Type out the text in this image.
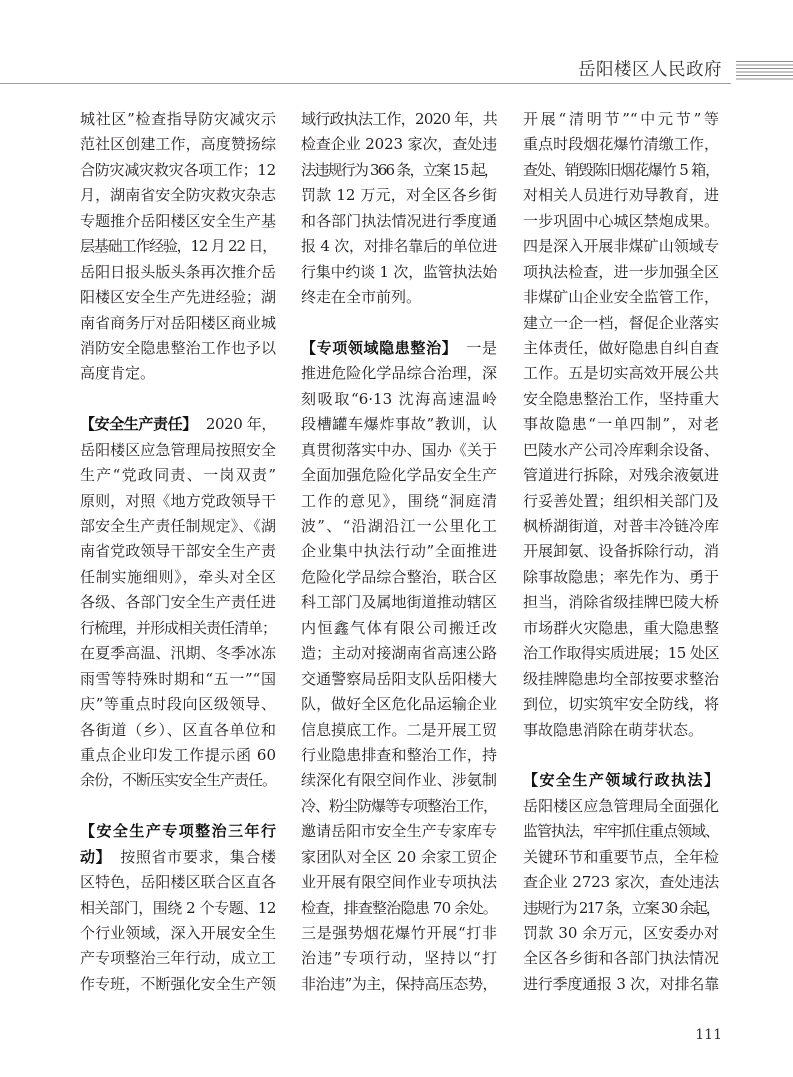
岳阳楼区人民政府
城社区”检查指导防灾减灾示
范社区创建工作，高度赞扬综
合防灾减灾救灾各项工作；12
月，湖南省安全防灾救灾杂志
专题推介岳阳楼区安全生产基
层基础工作经验，12 月 22 日，
岳阳日报头版头条再次推介岳
阳楼区安全生产先进经验；湖
南省商务厅对岳阳楼区商业城
消防安全隐患整治工作也予以
高度肯定。
【安全生产责任】 2020 年，
岳阳楼区应急管理局按照安全
生产“党政同责、一岗双责”
原则，对照《地方党政领导干
部安全生产责任制规定》、《湖
南省党政领导干部安全生产责
任制实施细则》，牵头对全区
各级、各部门安全生产责任进
行梳理，并形成相关责任清单；
在夏季高温、汛期、冬季冰冻
雨雪等特殊时期和“五一”“国
庆”等重点时段向区级领导、
各街道（乡）、区直各单位和
重点企业印发工作提示函 60
余份，不断压实安全生产责任。
【安全生产专项整治三年行
动】 按照省市要求，集合楼
区特色，岳阳楼区联合区直各
相关部门，围绕 2 个专题、12
个行业领域，深入开展安全生
产专项整治三年行动，成立工
作专班，不断强化安全生产领
域行政执法工作，2020 年，共
检查企业 2023 家次，查处违
法违规行为 366 条，立案 15 起，
罚款 12 万元，对全区各乡街
和各部门执法情况进行季度通
报 4 次，对排名靠后的单位进
行集中约谈 1 次，监管执法始
终走在全市前列。
【专项领域隐患整治】 一是
推进危险化学品综合治理，深
刻吸取“6·13 沈海高速温岭
段槽罐车爆炸事故”教训，认
真贯彻落实中办、国办《关于
全面加强危险化学品安全生产
工作的意见》，围绕“洞庭清
波”、“沿湖沿江一公里化工
企业集中执法行动”全面推进
危险化学品综合整治，联合区
科工部门及属地街道推动辖区
内恒鑫气体有限公司搬迁改
造；主动对接湖南省高速公路
交通警察局岳阳支队岳阳楼大
队，做好全区危化品运输企业
信息摸底工作。二是开展工贸
行业隐患排查和整治工作，持
续深化有限空间作业、涉氨制
冷、粉尘防爆等专项整治工作，
邀请岳阳市安全生产专家库专
家团队对全区 20 余家工贸企
业开展有限空间作业专项执法
检查，排查整治隐患 70 余处。
三是强势烟花爆竹开展“打非
治违”专项行动，坚持以“打
非治违”为主，保持高压态势，
开展“清明节”“中元节”等
重点时段烟花爆竹清缴工作，
查处、销毁陈旧烟花爆竹 5 箱，
对相关人员进行劝导教育，进
一步巩固中心城区禁炮成果。
四是深入开展非煤矿山领域专
项执法检查，进一步加强全区
非煤矿山企业安全监管工作，
建立一企一档，督促企业落实
主体责任，做好隐患自纠自查
工作。五是切实高效开展公共
安全隐患整治工作，坚持重大
事故隐患“一单四制”，对老
巴陵水产公司冷库剩余设备、
管道进行拆除，对残余液氨进
行妥善处置；组织相关部门及
枫桥湖街道，对普丰冷链冷库
开展卸氨、设备拆除行动，消
除事故隐患；率先作为、勇于
担当，消除省级挂牌巴陵大桥
市场群火灾隐患，重大隐患整
治工作取得实质进展；15 处区
级挂牌隐患均全部按要求整治
到位，切实筑牢安全防线，将
事故隐患消除在萌芽状态。
【安全生产领域行政执法】
岳阳楼区应急管理局全面强化
监管执法，牢牢抓住重点领域、
关键环节和重要节点，全年检
查企业 2723 家次，查处违法
违规行为 217 条，立案 30 余起，
罚款 30 余万元，区安委办对
全区各乡街和各部门执法情况
进行季度通报 3 次，对排名靠
111
